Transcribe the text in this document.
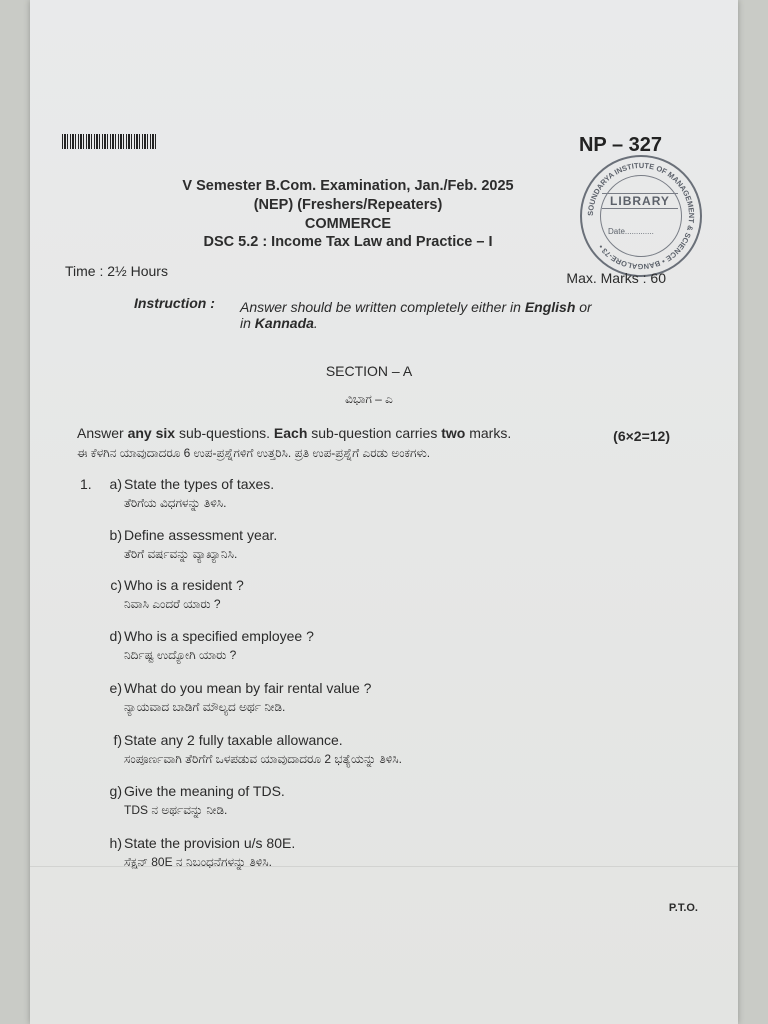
NP – 327
V Semester B.Com. Examination, Jan./Feb. 2025
(NEP) (Freshers/Repeaters)
COMMERCE
DSC 5.2 : Income Tax Law and Practice – I
SOUNDARYA INSTITUTE OF MANAGEMENT & SCIENCE • BANGALORE-73 •
LIBRARY
Date.............
Time : 2½ Hours	Max. Marks : 60
Instruction : Answer should be written completely either in English or
in Kannada.
SECTION – A
ವಿಭಾಗ – ಎ
Answer any six sub-questions. Each sub-question carries two marks.	(6×2=12)
ಈ ಕೆಳಗಿನ ಯಾವುದಾದರೂ 6 ಉಪ-ಪ್ರಶ್ನೆಗಳಿಗೆ ಉತ್ತರಿಸಿ. ಪ್ರತಿ ಉಪ-ಪ್ರಶ್ನೆಗೆ ಎರಡು ಅಂಕಗಳು.
1.	a) State the types of taxes.
ತೆರಿಗೆಯ ವಿಧಗಳನ್ನು ತಿಳಿಸಿ.
b) Define assessment year.
ತೆರಿಗೆ ವರ್ಷವನ್ನು ವ್ಯಾಖ್ಯಾನಿಸಿ.
c) Who is a resident ?
ನಿವಾಸಿ ಎಂದರೆ ಯಾರು ?
d) Who is a specified employee ?
ನಿರ್ದಿಷ್ಟ ಉದ್ಯೋಗಿ ಯಾರು ?
e) What do you mean by fair rental value ?
ನ್ಯಾಯವಾದ ಬಾಡಿಗೆ ಮೌಲ್ಯದ ಅರ್ಥ ನೀಡಿ.
f) State any 2 fully taxable allowance.
ಸಂಪೂರ್ಣವಾಗಿ ತೆರಿಗೆಗೆ ಒಳಪಡುವ ಯಾವುದಾದರೂ 2 ಭತ್ಯೆಯನ್ನು ತಿಳಿಸಿ.
g) Give the meaning of TDS.
TDS ನ ಅರ್ಥವನ್ನು ನೀಡಿ.
h) State the provision u/s 80E.
ಸೆಕ್ಷನ್ 80E ನ ನಿಬಂಧನೆಗಳನ್ನು ತಿಳಿಸಿ.
P.T.O.
